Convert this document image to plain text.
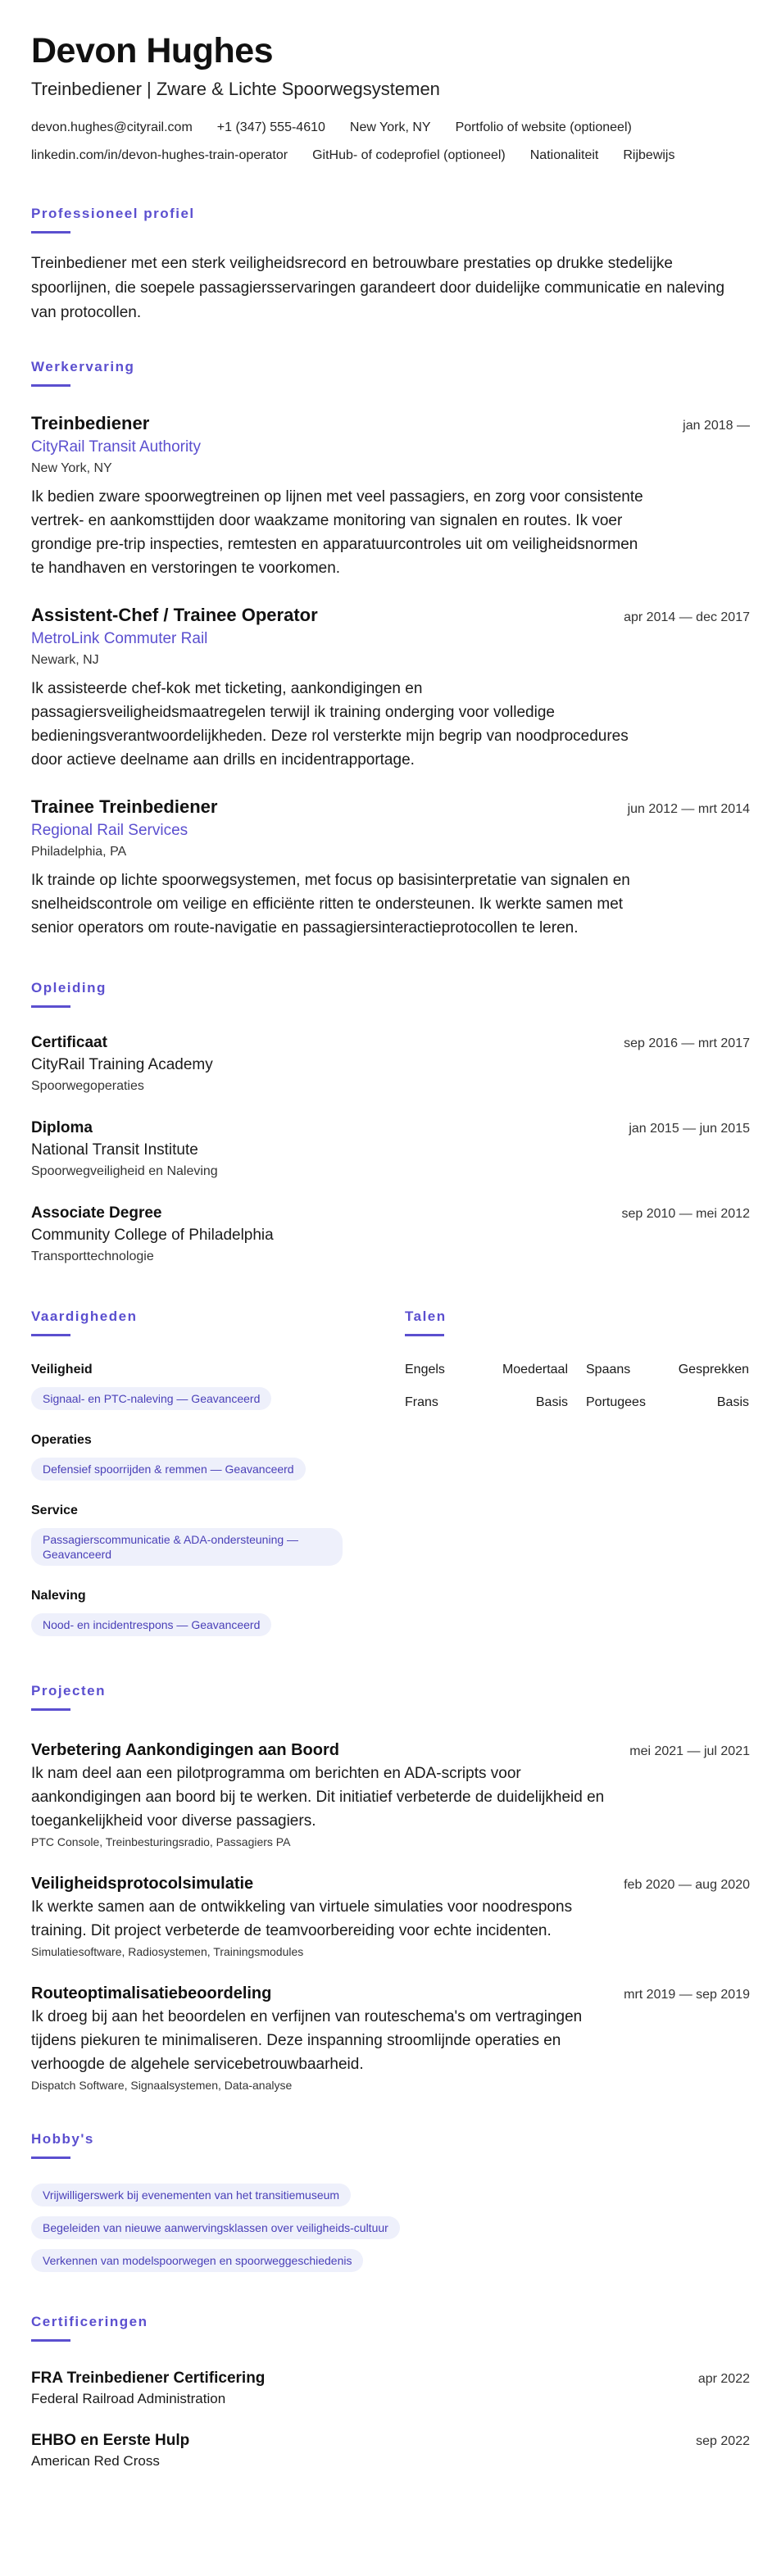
Devon Hughes
Treinbediener | Zware & Lichte Spoorwegsystemen
devon.hughes@cityrail.com +1 (347) 555-4610 New York, NY Portfolio of website (optioneel)
linkedin.com/in/devon-hughes-train-operator GitHub- of codeprofiel (optioneel) Nationaliteit Rijbewijs
Professioneel profiel
Treinbediener met een sterk veiligheidsrecord en betrouwbare prestaties op drukke stedelijke spoorlijnen, die soepele passagiersservaringen garandeert door duidelijke communicatie en naleving van protocollen.
Werkervaring
Treinbediener	jan 2018 —
CityRail Transit Authority
New York, NY
Ik bedien zware spoorwegtreinen op lijnen met veel passagiers, en zorg voor consistente vertrek- en aankomsttijden door waakzame monitoring van signalen en routes. Ik voer grondige pre-trip inspecties, remtesten en apparatuurcontroles uit om veiligheidsnormen te handhaven en verstoringen te voorkomen.
Assistent-Chef / Trainee Operator	apr 2014 — dec 2017
MetroLink Commuter Rail
Newark, NJ
Ik assisteerde chef-kok met ticketing, aankondigingen en passagiersveiligheidsmaatregelen terwijl ik training onderging voor volledige bedieningsverantwoordelijkheden. Deze rol versterkte mijn begrip van noodprocedures door actieve deelname aan drills en incidentrapportage.
Trainee Treinbediener	jun 2012 — mrt 2014
Regional Rail Services
Philadelphia, PA
Ik trainde op lichte spoorwegsystemen, met focus op basisinterpretatie van signalen en snelheidscontrole om veilige en efficiënte ritten te ondersteunen. Ik werkte samen met senior operators om route-navigatie en passagiersinteractieprotocollen te leren.
Opleiding
Certificaat	sep 2016 — mrt 2017
CityRail Training Academy
Spoorwegoperaties
Diploma	jan 2015 — jun 2015
National Transit Institute
Spoorwegveiligheid en Naleving
Associate Degree	sep 2010 — mei 2012
Community College of Philadelphia
Transporttechnologie
Vaardigheden
Veiligheid
Signaal- en PTC-naleving — Geavanceerd
Operaties
Defensief spoorrijden & remmen — Geavanceerd
Service
Passagierscommunicatie & ADA-ondersteuning — Geavanceerd
Naleving
Nood- en incidentrespons — Geavanceerd
Talen
Engels	Moedertaal Spaans	Gesprekken
Frans	Basis Portugees	Basis
Projecten
Verbetering Aankondigingen aan Boord	mei 2021 — jul 2021
Ik nam deel aan een pilotprogramma om berichten en ADA-scripts voor aankondigingen aan boord bij te werken. Dit initiatief verbeterde de duidelijkheid en toegankelijkheid voor diverse passagiers.
PTC Console, Treinbesturingsradio, Passagiers PA
Veiligheidsprotocolsimulatie	feb 2020 — aug 2020
Ik werkte samen aan de ontwikkeling van virtuele simulaties voor noodrespons training. Dit project verbeterde de teamvoorbereiding voor echte incidenten.
Simulatiesoftware, Radiosystemen, Trainingsmodules
Routeoptimalisatiebeoordeling	mrt 2019 — sep 2019
Ik droeg bij aan het beoordelen en verfijnen van routeschema's om vertragingen tijdens piekuren te minimaliseren. Deze inspanning stroomlijnde operaties en verhoogde de algehele servicebetrouwbaarheid.
Dispatch Software, Signaalsystemen, Data-analyse
Hobby's
Vrijwilligerswerk bij evenementen van het transitiemuseum
Begeleiden van nieuwe aanwervingsklassen over veiligheids-cultuur
Verkennen van modelspoorwegen en spoorweggeschiedenis
Certificeringen
FRA Treinbediener Certificering	apr 2022
Federal Railroad Administration
EHBO en Eerste Hulp	sep 2022
American Red Cross
